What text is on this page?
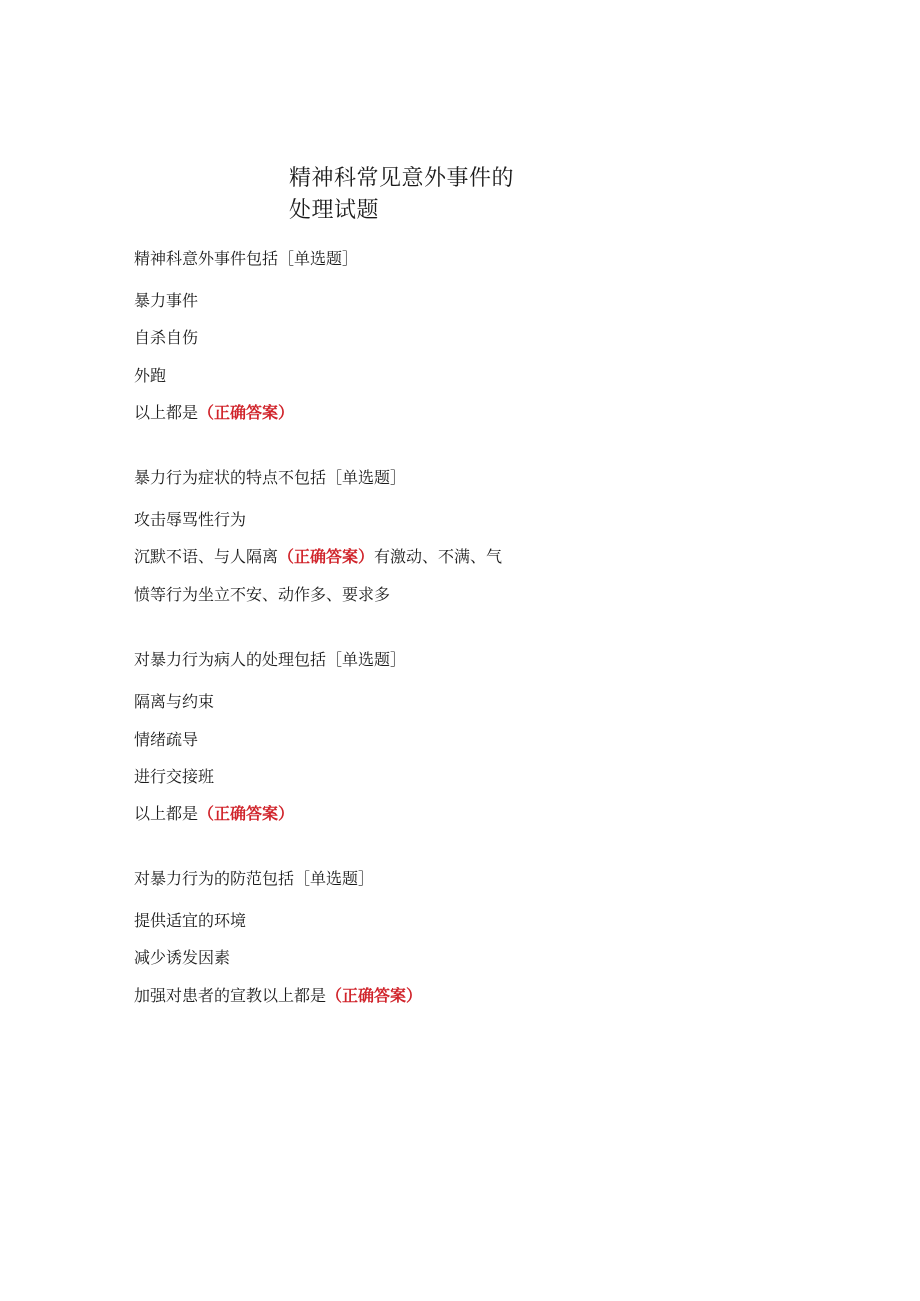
精神科常见意外事件的
处理试题
精神科意外事件包括［单选题］
暴力事件
自杀自伤
外跑
以上都是（正确答案）
暴力行为症状的特点不包括［单选题］
攻击辱骂性行为
沉默不语、与人隔离（正确答案）有激动、不满、气
愤等行为坐立不安、动作多、要求多
对暴力行为病人的处理包括［单选题］
隔离与约束
情绪疏导
进行交接班
以上都是（正确答案）
对暴力行为的防范包括［单选题］
提供适宜的环境
减少诱发因素
加强对患者的宣教以上都是（正确答案）
